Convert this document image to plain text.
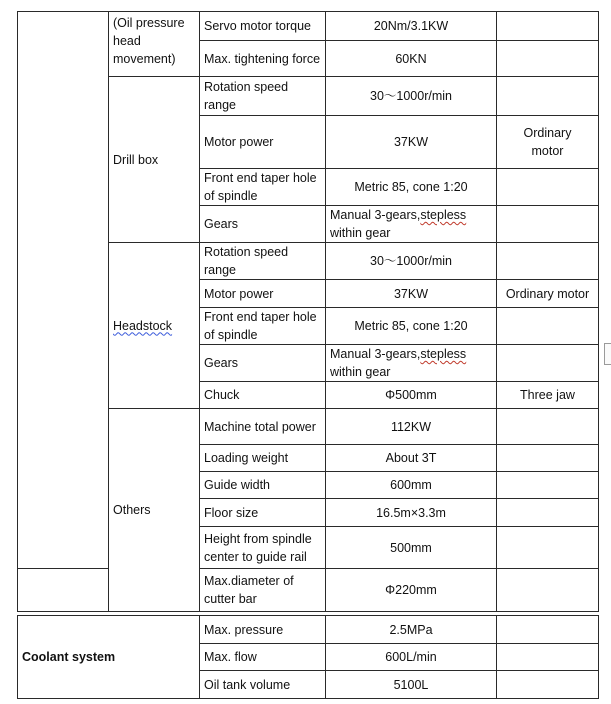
	(Oil pressure head movement)	Servo motor torque	20Nm/3.1KW	
		Max. tightening force	60KN	
	Drill box	Rotation speed range	30～1000r/min	
		Motor power	37KW	Ordinary
motor
		Front end taper hole of spindle	Metric 85, cone 1:20	
		Gears	Manual 3-gears,stepless
within gear	
	Headstock	Rotation speed range	30～1000r/min	
		Motor power	37KW	Ordinary motor
		Front end taper hole of spindle	Metric 85, cone 1:20	
		Gears	Manual 3-gears,stepless
within gear	
		Chuck	Φ500mm	Three jaw
	Others	Machine total power	112KW	
		Loading weight	About 3T	
		Guide width	600mm	
		Floor size	16.5m×3.3m	
		Height from spindle center to guide rail	500mm	
		Max.diameter of cutter bar	Φ220mm	
Coolant system	Max. pressure	2.5MPa	
	Max. flow	600L/min	
	Oil tank volume	5100L	
